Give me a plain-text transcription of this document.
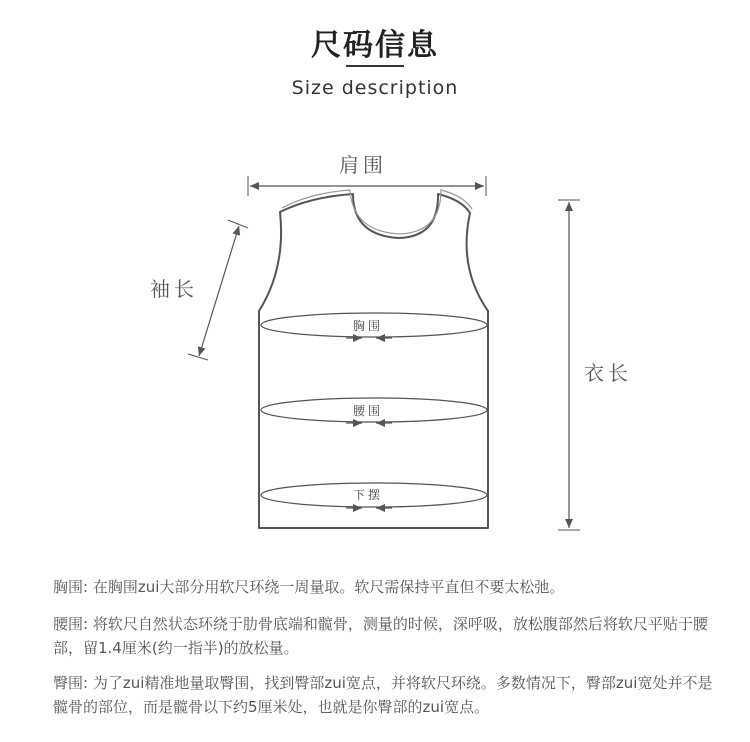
尺码信息
Size description
肩围
袖长
衣长
胸围
腰围
下摆
胸围: 在胸围zui大部分用软尺环绕一周量取。软尺需保持平直但不要太松弛。
腰围: 将软尺自然状态环绕于肋骨底端和髋骨，测量的时候，深呼吸，放松腹部然后将软尺平贴于腰部，留1.4厘米(约一指半)的放松量。
臀围: 为了zui精准地量取臀围，找到臀部zui宽点，并将软尺环绕。多数情况下，臀部zui宽处并不是髋骨的部位，而是髋骨以下约5厘米处，也就是你臀部的zui宽点。
